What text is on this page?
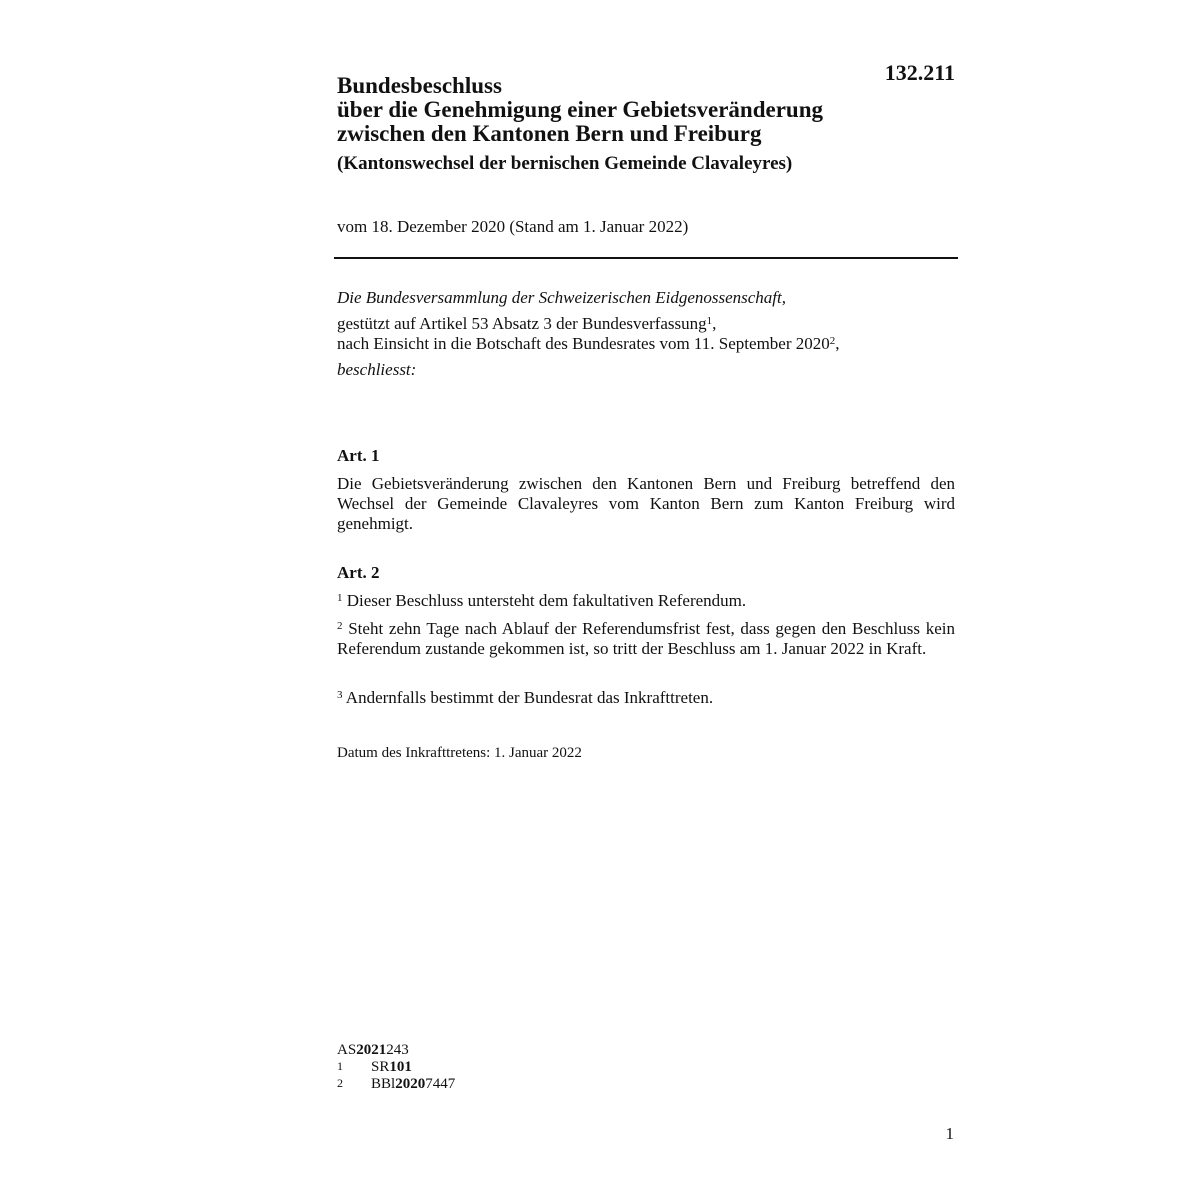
132.211
Bundesbeschluss
über die Genehmigung einer Gebietsveränderung
zwischen den Kantonen Bern und Freiburg
(Kantonswechsel der bernischen Gemeinde Clavaleyres)
vom 18. Dezember 2020 (Stand am 1. Januar 2022)
Die Bundesversammlung der Schweizerischen Eidgenossenschaft,
gestützt auf Artikel 53 Absatz 3 der Bundesverfassung$^1$,
nach Einsicht in die Botschaft des Bundesrates vom 11. September 2020$^2$,
beschliesst:
Art. 1
Die Gebietsveränderung zwischen den Kantonen Bern und Freiburg betreffend den Wechsel der Gemeinde Clavaleyres vom Kanton Bern zum Kanton Freiburg wird genehmigt.
Art. 2
$^1$ Dieser Beschluss untersteht dem fakultativen Referendum.
$^2$ Steht zehn Tage nach Ablauf der Referendumsfrist fest, dass gegen den Beschluss kein Referendum zustande gekommen ist, so tritt der Beschluss am 1. Januar 2022 in Kraft.
$^3$ Andernfalls bestimmt der Bundesrat das Inkrafttreten.
Datum des Inkrafttretens: 1. Januar 2022
AS 2021 243
1	SR 101
2	BBl 2020 7447
1
